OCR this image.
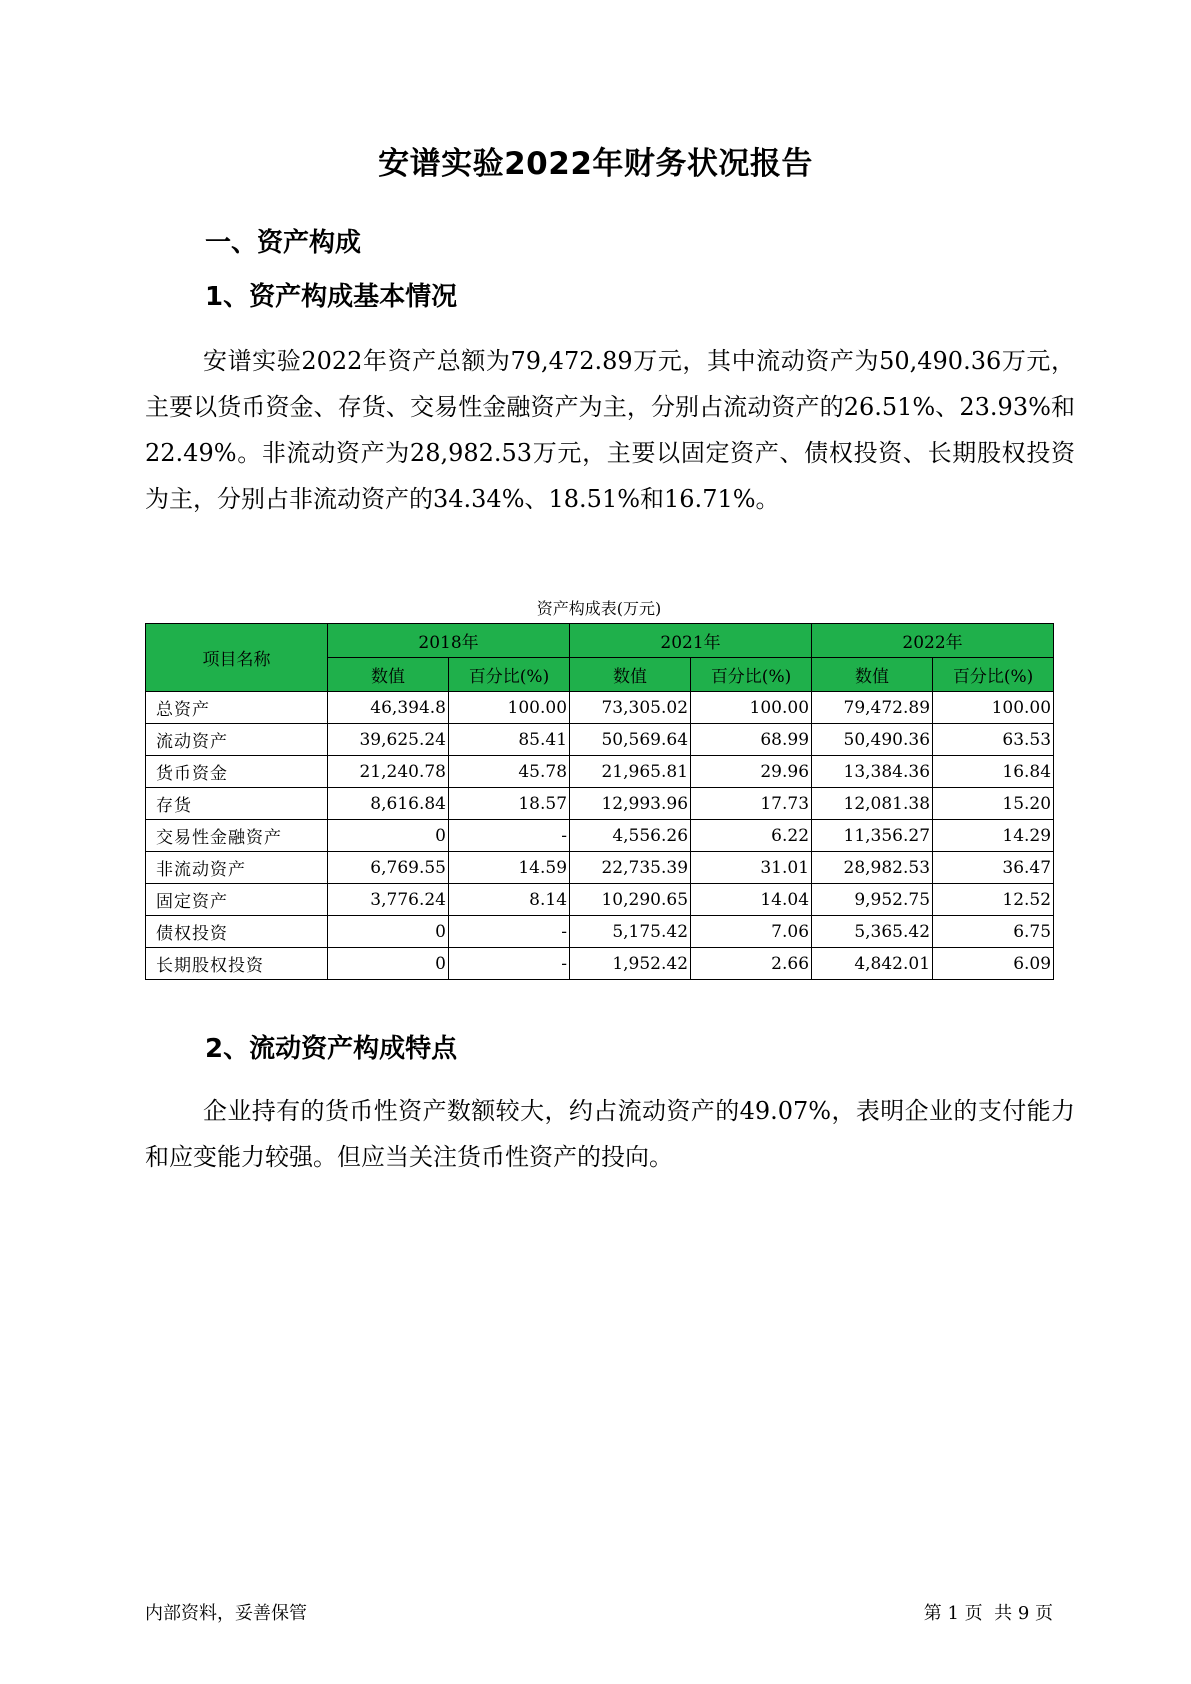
安谱实验2022年财务状况报告
一、资产构成
1、资产构成基本情况
安谱实验2022年资产总额为79,472.89万元，其中流动资产为50,490.36万元，主要以货币资金、存货、交易性金融资产为主，分别占流动资产的26.51%、23.93%和22.49%。非流动资产为28,982.53万元，主要以固定资产、债权投资、长期股权投资为主，分别占非流动资产的34.34%、18.51%和16.71%。
资产构成表(万元)
项目名称	2018年		2021年		2022年	
	数值	百分比(%)	数值	百分比(%)	数值	百分比(%)
总资产	46,394.8	100.00	73,305.02	100.00	79,472.89	100.00
流动资产	39,625.24	85.41	50,569.64	68.99	50,490.36	63.53
货币资金	21,240.78	45.78	21,965.81	29.96	13,384.36	16.84
存货	8,616.84	18.57	12,993.96	17.73	12,081.38	15.20
交易性金融资产	0	-	4,556.26	6.22	11,356.27	14.29
非流动资产	6,769.55	14.59	22,735.39	31.01	28,982.53	36.47
固定资产	3,776.24	8.14	10,290.65	14.04	9,952.75	12.52
债权投资	0	-	5,175.42	7.06	5,365.42	6.75
长期股权投资	0	-	1,952.42	2.66	4,842.01	6.09
2、流动资产构成特点
企业持有的货币性资产数额较大，约占流动资产的49.07%，表明企业的支付能力和应变能力较强。但应当关注货币性资产的投向。
内部资料，妥善保管	第 1 页  共 9 页
